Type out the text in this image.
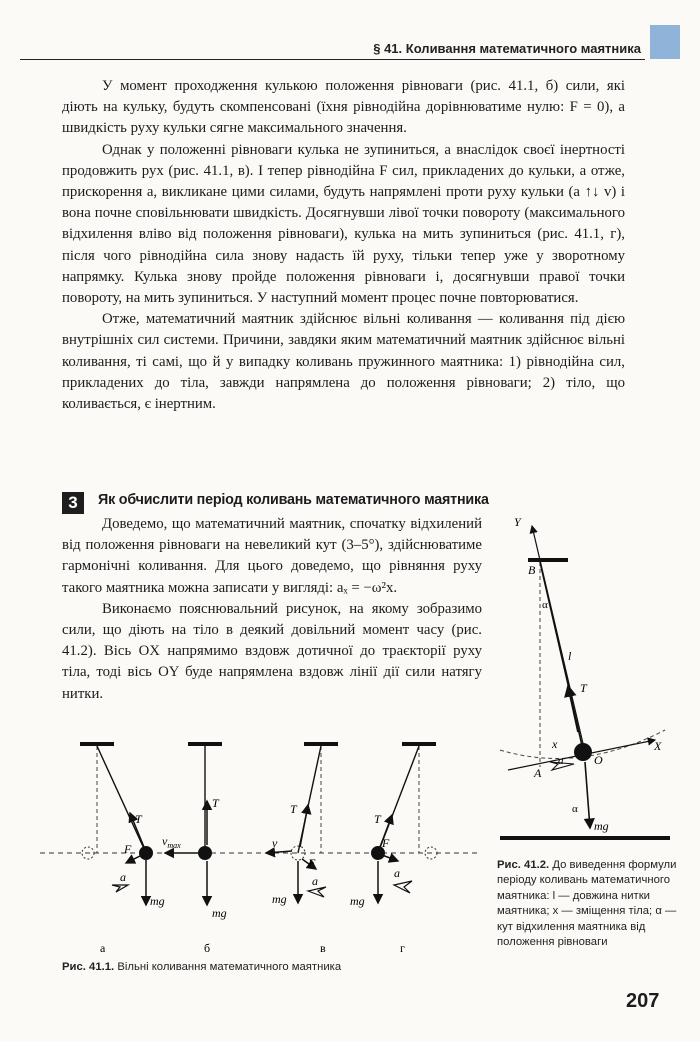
§ 41. Коливання математичного маятника

У момент проходження кулькою положення рівноваги (рис. 41.1, б) сили, які діють на кульку, будуть скомпенсовані (їхня рівнодійна дорівнюватиме нулю: F = 0), а швидкість руху кульки сягне максимального значення.

Однак у положенні рівноваги кулька не зупиниться, а внаслідок своєї інертності продовжить рух (рис. 41.1, в). І тепер рівнодійна F сил, прикладених до кульки, а отже, прискорення a, викликане цими силами, будуть напрямлені проти руху кульки (a ↑↓ v) і вона почне сповільнювати швидкість. Досягнувши лівої точки повороту (максимального відхилення вліво від положення рівноваги), кулька на мить зупиниться (рис. 41.1, г), після чого рівнодійна сила знову надасть їй руху, тільки тепер уже у зворотному напрямку. Кулька знову пройде положення рівноваги і, досягнувши правої точки повороту, на мить зупиниться. У наступний момент процес почне повторюватися.

Отже, математичний маятник здійснює вільні коливання — коливання під дією внутрішніх сил системи. Причини, завдяки яким математичний маятник здійснює вільні коливання, ті самі, що й у випадку коливань пружинного маятника: 1) рівнодійна сил, прикладених до тіла, завжди напрямлена до положення рівноваги; 2) тіло, що коливається, є інертним.

3	Як обчислити період коливань математичного маятника

Доведемо, що математичний маятник, спочатку відхилений від положення рівноваги на невеликий кут (3–5°), здійснюватиме гармонічні коливання. Для цього доведемо, що рівняння руху такого маятника можна записати у вигляді: aₓ = −ω²x.

Виконаємо пояснювальний рисунок, на якому зобразимо сили, що діють на тіло в деякий довільний момент часу (рис. 41.2). Вісь OX напрямимо вздовж дотичної до траєкторії руху тіла, тоді вісь OY буде напрямлена вздовж лінії дії сили натягу нитки.

T
F
a
mg
а
T
$v_{max}$
mg
б
T
v
F
a
mg
в
T
F
a
mg
г
Рис. 41.1. Вільні коливання математичного маятника
Y
B
α
l
T
X
O
A
x
a
mg
α
Рис. 41.2. До виведення формули періоду коливань математичного маятника: l — довжина нитки маятника; x — зміщення тіла; α — кут відхилення маятника від положення рівноваги
207
